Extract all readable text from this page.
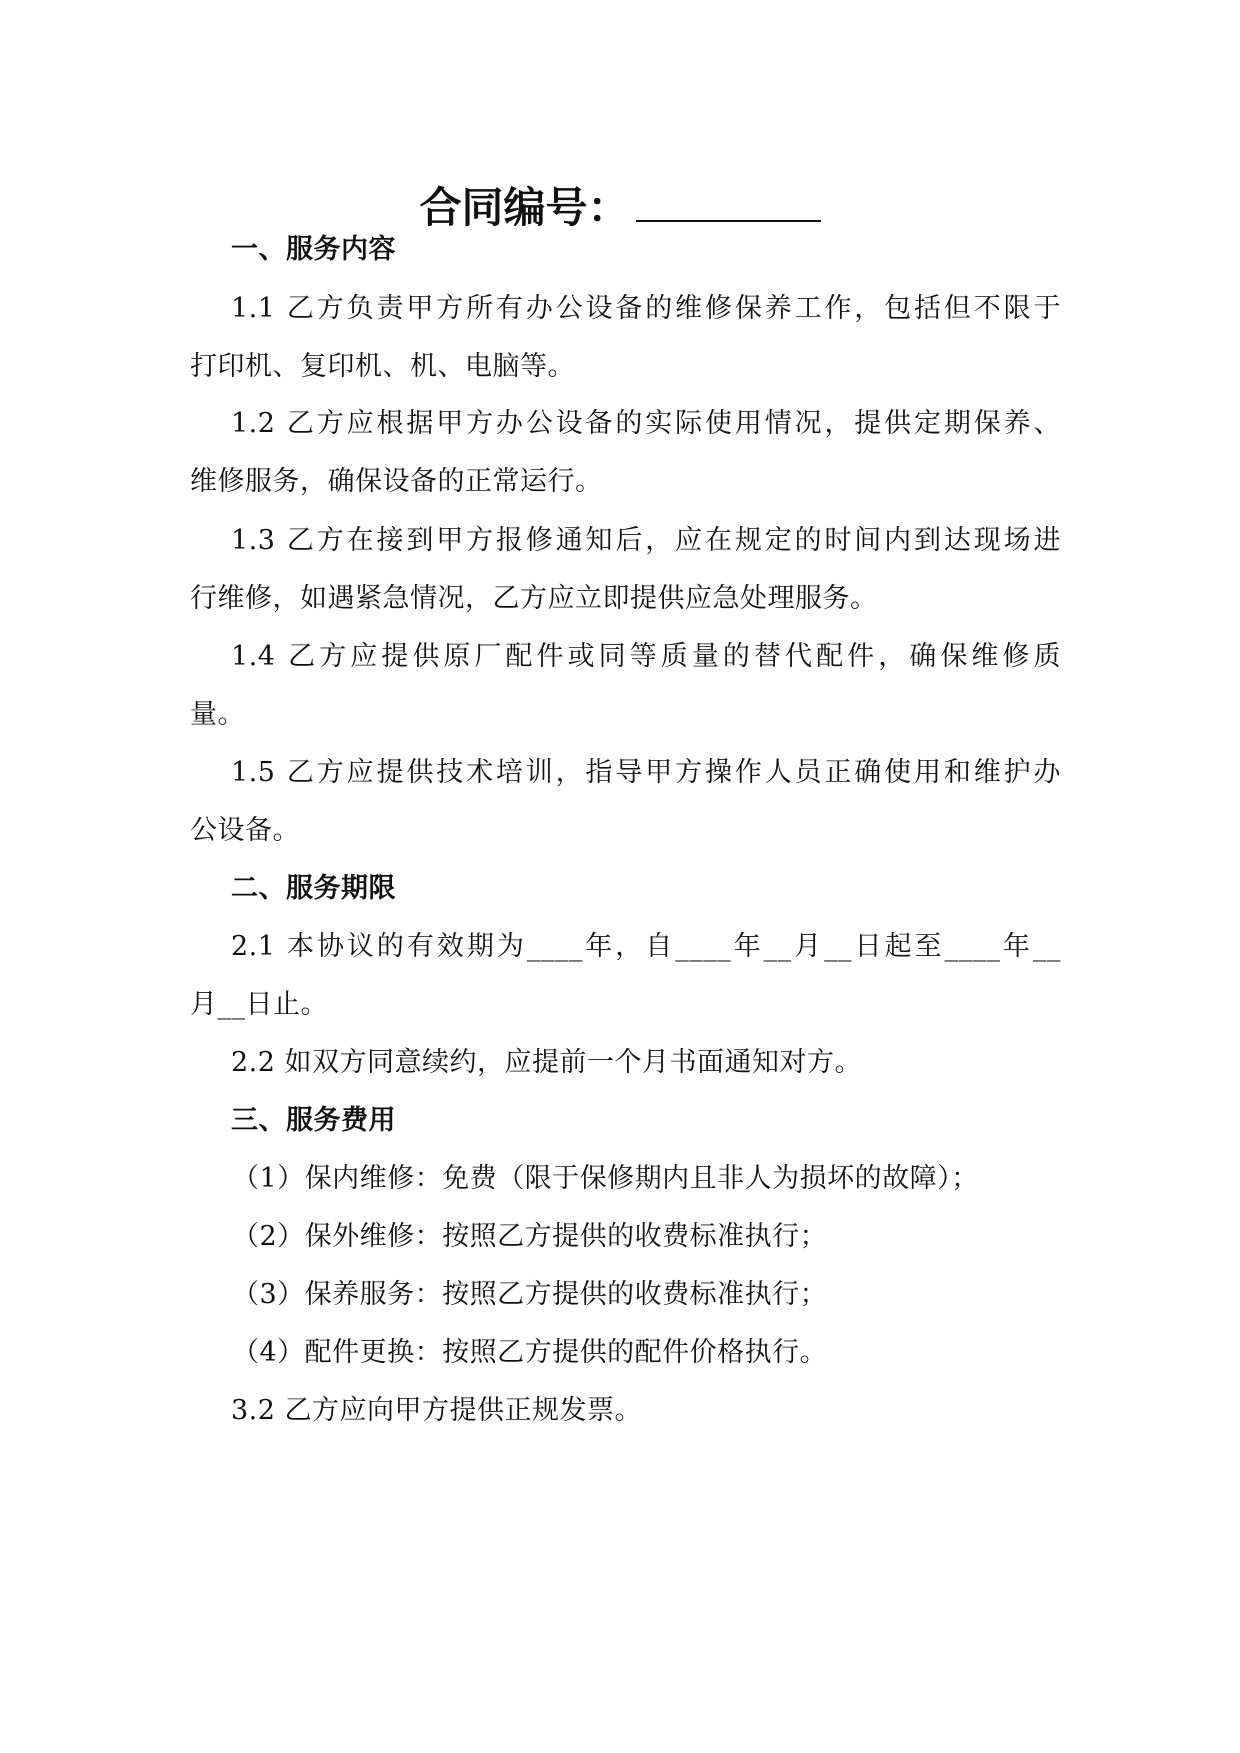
合同编号：
一、服务内容
1.1 乙方负责甲方所有办公设备的维修保养工作，包括但不限于
打印机、复印机、机、电脑等。
1.2 乙方应根据甲方办公设备的实际使用情况，提供定期保养、
维修服务，确保设备的正常运行。
1.3 乙方在接到甲方报修通知后，应在规定的时间内到达现场进
行维修，如遇紧急情况，乙方应立即提供应急处理服务。
1.4 乙方应提供原厂配件或同等质量的替代配件，确保维修质
量。
1.5 乙方应提供技术培训，指导甲方操作人员正确使用和维护办
公设备。
二、服务期限
2.1 本协议的有效期为____年，自____年__月__日起至____年__
月__日止。
2.2 如双方同意续约，应提前一个月书面通知对方。
三、服务费用
（1）保内维修：免费（限于保修期内且非人为损坏的故障）；
（2）保外维修：按照乙方提供的收费标准执行；
（3）保养服务：按照乙方提供的收费标准执行；
（4）配件更换：按照乙方提供的配件价格执行。
3.2 乙方应向甲方提供正规发票。
